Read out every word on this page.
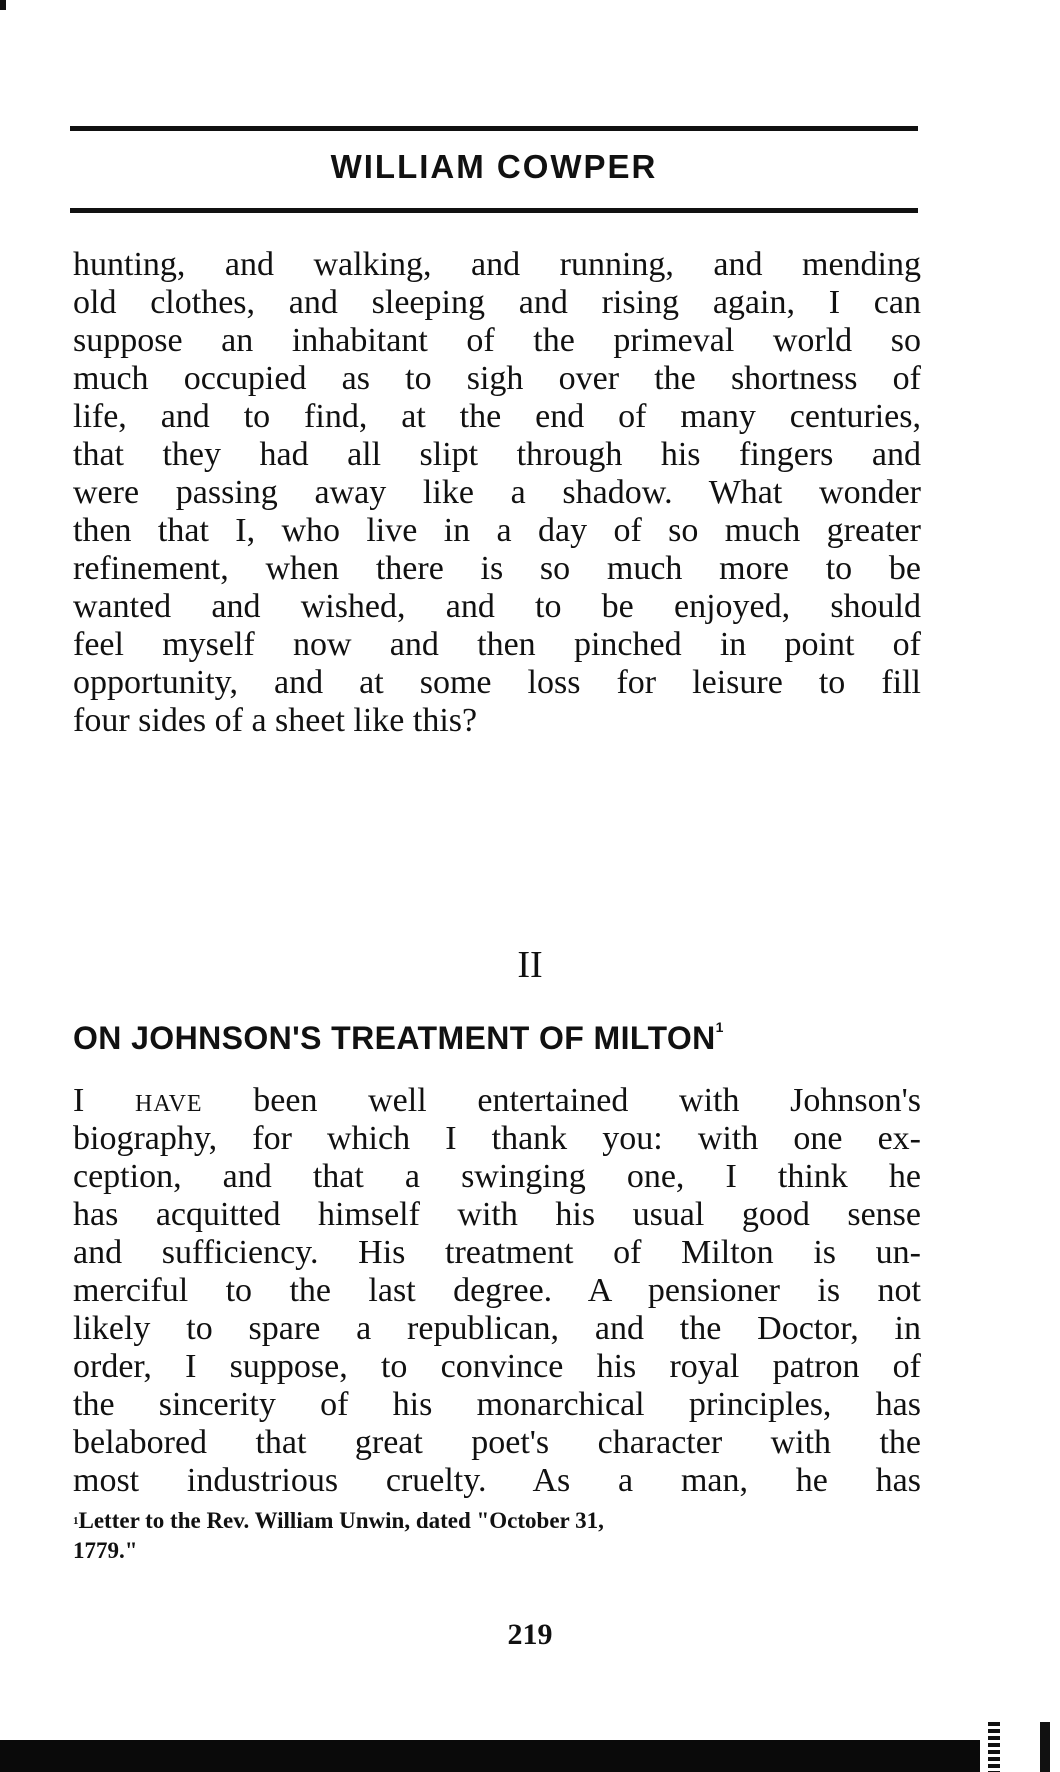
WILLIAM COWPER
hunting, and walking, and running, and mending
old clothes, and sleeping and rising again, I can
suppose an inhabitant of the primeval world so
much occupied as to sigh over the shortness of
life, and to find, at the end of many centuries,
that they had all slipt through his fingers and
were passing away like a shadow. What wonder
then that I, who live in a day of so much greater
refinement, when there is so much more to be
wanted and wished, and to be enjoyed, should
feel myself now and then pinched in point of
opportunity, and at some loss for leisure to fill
four sides of a sheet like this?
II
ON JOHNSON'S TREATMENT OF MILTON$^1$
I have been well entertained with Johnson's
biography, for which I thank you: with one ex-
ception, and that a swinging one, I think he
has acquitted himself with his usual good sense
and sufficiency. His treatment of Milton is un-
merciful to the last degree. A pensioner is not
likely to spare a republican, and the Doctor, in
order, I suppose, to convince his royal patron of
the sincerity of his monarchical principles, has
belabored that great poet's character with the
most industrious cruelty. As a man, he has
$^1$Letter to the Rev. William Unwin, dated "October 31,
1779."
219
